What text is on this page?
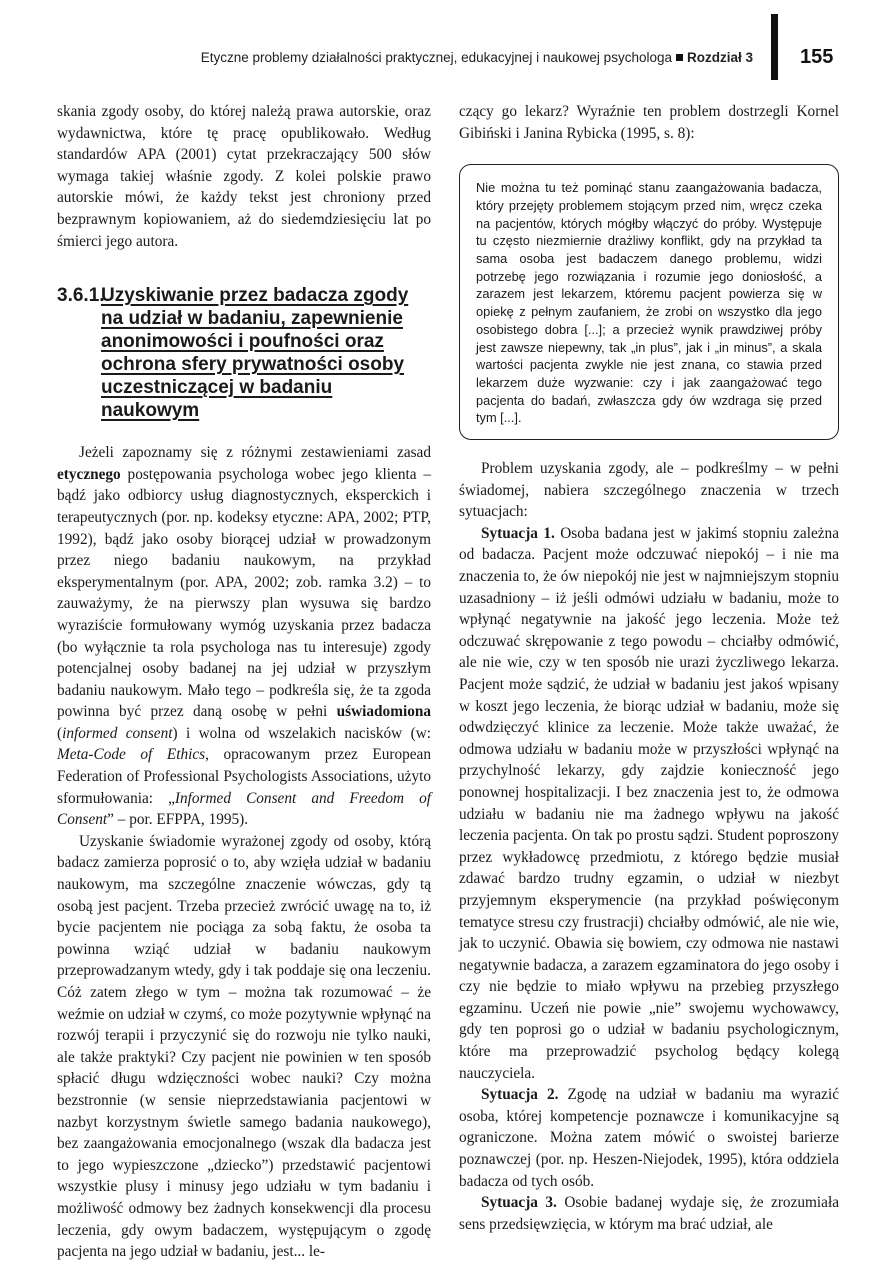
Etyczne problemy działalności praktycznej, edukacyjnej i naukowej psychologa Rozdział 3 155

skania zgody osoby, do której należą prawa autorskie, oraz wydawnictwa, które tę pracę opublikowało. Według standardów APA (2001) cytat przekraczający 500 słów wymaga takiej właśnie zgody. Z kolei polskie prawo autorskie mówi, że każdy tekst jest chroniony przed bezprawnym kopiowaniem, aż do siedemdziesięciu lat po śmierci jego autora.

3.6.1.
Uzyskiwanie przez badacza zgody na udział w badaniu, zapewnienie anonimowości i poufności oraz ochrona sfery prywatności osoby uczestniczącej w badaniu naukowym

Jeżeli zapoznamy się z różnymi zestawieniami zasad etycznego postępowania psychologa wobec jego klienta – bądź jako odbiorcy usług diagnostycznych, eksperckich i terapeutycznych (por. np. kodeksy etyczne: APA, 2002; PTP, 1992), bądź jako osoby biorącej udział w prowadzonym przez niego badaniu naukowym, na przykład eksperymentalnym (por. APA, 2002; zob. ramka 3.2) – to zauważymy, że na pierwszy plan wysuwa się bardzo wyraziście formułowany wymóg uzyskania przez badacza (bo wyłącznie ta rola psychologa nas tu interesuje) zgody potencjalnej osoby badanej na jej udział w przyszłym badaniu naukowym. Mało tego – podkreśla się, że ta zgoda powinna być przez daną osobę w pełni uświadomiona (informed consent) i wolna od wszelakich nacisków (w: Meta-Code of Ethics, opracowanym przez European Federation of Professional Psychologists Associations, użyto sformułowania: „Informed Consent and Freedom of Consent” – por. EFPPA, 1995).

Uzyskanie świadomie wyrażonej zgody od osoby, którą badacz zamierza poprosić o to, aby wzięła udział w badaniu naukowym, ma szczególne znaczenie wówczas, gdy tą osobą jest pacjent. Trzeba przecież zwrócić uwagę na to, iż bycie pacjentem nie pociąga za sobą faktu, że osoba ta powinna wziąć udział w badaniu naukowym przeprowadzanym wtedy, gdy i tak poddaje się ona leczeniu. Cóż zatem złego w tym – można tak rozumować – że weźmie on udział w czymś, co może pozytywnie wpłynąć na rozwój terapii i przyczynić się do rozwoju nie tylko nauki, ale także praktyki? Czy pacjent nie powinien w ten sposób spłacić długu wdzięczności wobec nauki? Czy można bezstronnie (w sensie nieprzedstawiania pacjentowi w nazbyt korzystnym świetle samego badania naukowego), bez zaangażowania emocjonalnego (wszak dla badacza jest to jego wypieszczone „dziecko”) przedstawić pacjentowi wszystkie plusy i minusy jego udziału w tym badaniu i możliwość odmowy bez żadnych konsekwencji dla procesu leczenia, gdy owym badaczem, występującym o zgodę pacjenta na jego udział w badaniu, jest... le-

czący go lekarz? Wyraźnie ten problem dostrzegli Kornel Gibiński i Janina Rybicka (1995, s. 8):

Nie można tu też pominąć stanu zaangażowania badacza, który przejęty problemem stojącym przed nim, wręcz czeka na pacjentów, których mógłby włączyć do próby. Występuje tu często niezmiernie drażliwy konflikt, gdy na przykład ta sama osoba jest badaczem danego problemu, widzi potrzebę jego rozwiązania i rozumie jego doniosłość, a zarazem jest lekarzem, któremu pacjent powierza się w opiekę z pełnym zaufaniem, że zrobi on wszystko dla jego osobistego dobra [...]; a przecież wynik prawdziwej próby jest zawsze niepewny, tak „in plus”, jak i „in minus”, a skala wartości pacjenta zwykle nie jest znana, co stawia przed lekarzem duże wyzwanie: czy i jak zaangażować tego pacjenta do badań, zwłaszcza gdy ów wzdraga się przed tym [...].

Problem uzyskania zgody, ale – podkreślmy – w pełni świadomej, nabiera szczególnego znaczenia w trzech sytuacjach:

Sytuacja 1. Osoba badana jest w jakimś stopniu zależna od badacza. Pacjent może odczuwać niepokój – i nie ma znaczenia to, że ów niepokój nie jest w najmniejszym stopniu uzasadniony – iż jeśli odmówi udziału w badaniu, może to wpłynąć negatywnie na jakość jego leczenia. Może też odczuwać skrępowanie z tego powodu – chciałby odmówić, ale nie wie, czy w ten sposób nie urazi życzliwego lekarza. Pacjent może sądzić, że udział w badaniu jest jakoś wpisany w koszt jego leczenia, że biorąc udział w badaniu, może się odwdzięczyć klinice za leczenie. Może także uważać, że odmowa udziału w badaniu może w przyszłości wpłynąć na przychylność lekarzy, gdy zajdzie konieczność jego ponownej hospitalizacji. I bez znaczenia jest to, że odmowa udziału w badaniu nie ma żadnego wpływu na jakość leczenia pacjenta. On tak po prostu sądzi. Student poproszony przez wykładowcę przedmiotu, z którego będzie musiał zdawać bardzo trudny egzamin, o udział w niezbyt przyjemnym eksperymencie (na przykład poświęconym tematyce stresu czy frustracji) chciałby odmówić, ale nie wie, jak to uczynić. Obawia się bowiem, czy odmowa nie nastawi negatywnie badacza, a zarazem egzaminatora do jego osoby i czy nie będzie to miało wpływu na przebieg przyszłego egzaminu. Uczeń nie powie „nie” swojemu wychowawcy, gdy ten poprosi go o udział w badaniu psychologicznym, które ma przeprowadzić psycholog będący kolegą nauczyciela.

Sytuacja 2. Zgodę na udział w badaniu ma wyrazić osoba, której kompetencje poznawcze i komunikacyjne są ograniczone. Można zatem mówić o swoistej barierze poznawczej (por. np. Heszen-Niejodek, 1995), która oddziela badacza od tych osób.

Sytuacja 3. Osobie badanej wydaje się, że zrozumiała sens przedsięwzięcia, w którym ma brać udział, ale
